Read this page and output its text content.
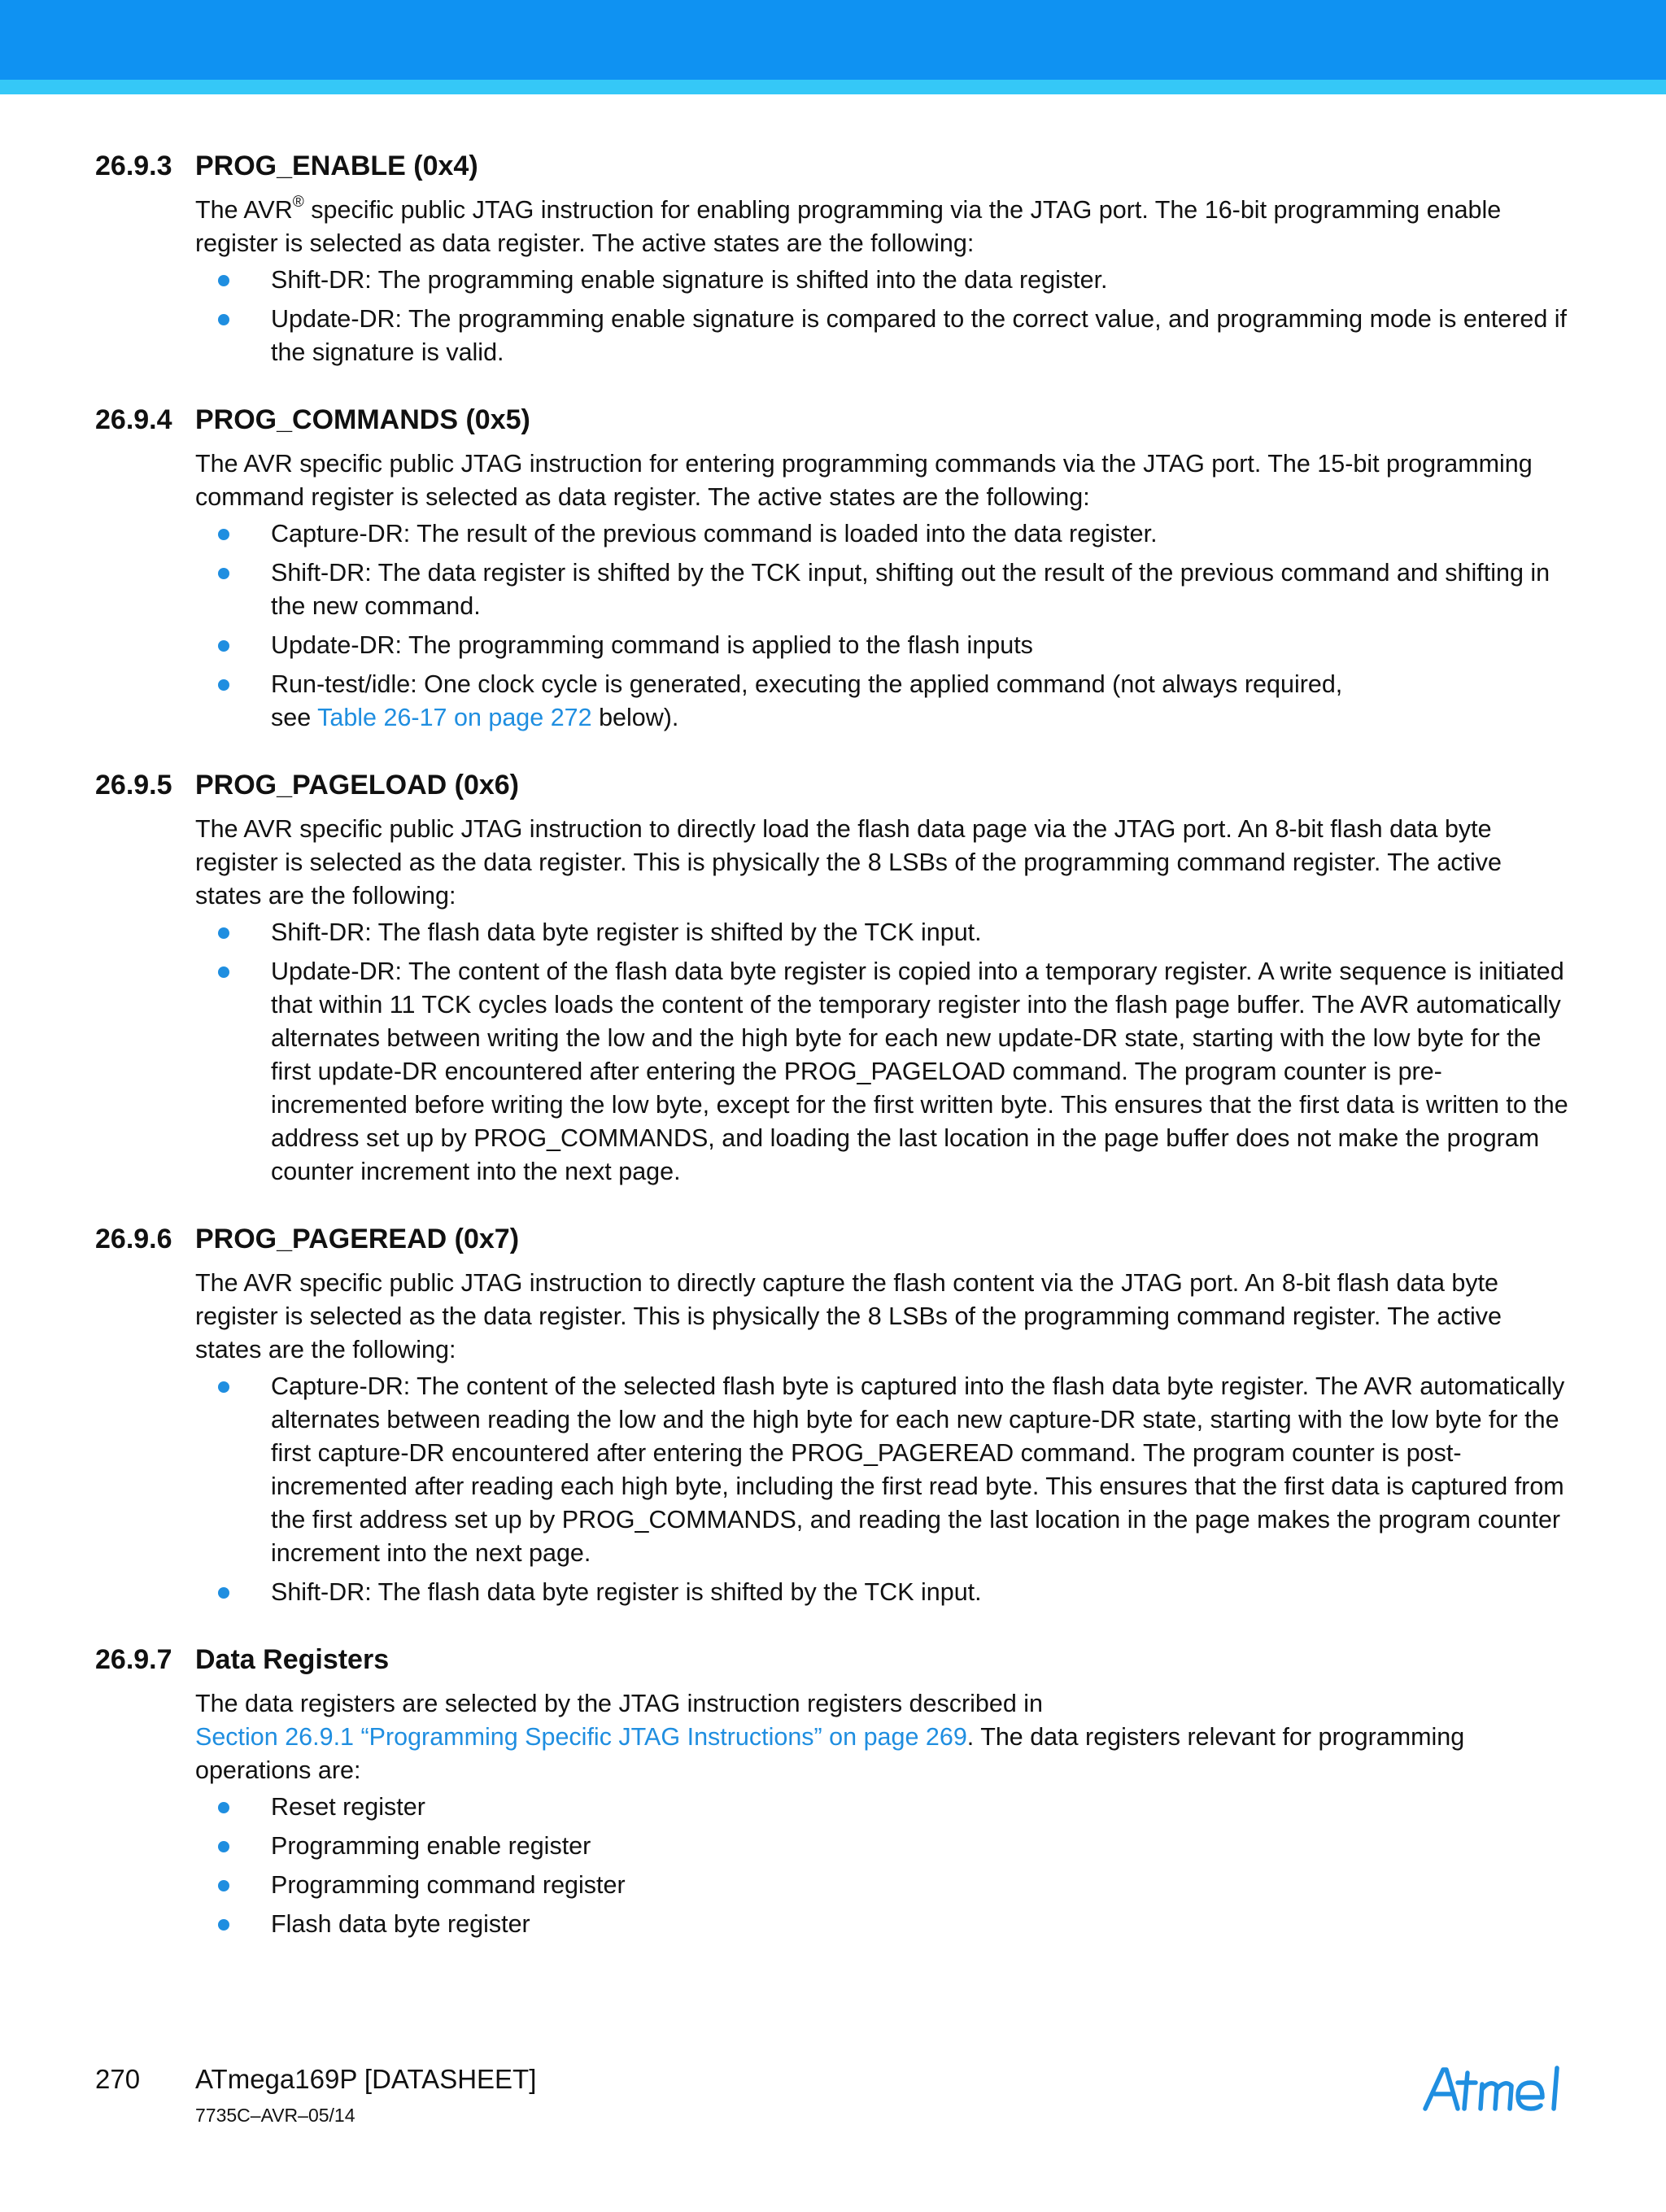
26.9.3 PROG_ENABLE (0x4)
The AVR® specific public JTAG instruction for enabling programming via the JTAG port. The 16-bit programming enable register is selected as data register. The active states are the following:
Shift-DR: The programming enable signature is shifted into the data register.
Update-DR: The programming enable signature is compared to the correct value, and programming mode is entered if the signature is valid.
26.9.4 PROG_COMMANDS (0x5)
The AVR specific public JTAG instruction for entering programming commands via the JTAG port. The 15-bit programming command register is selected as data register. The active states are the following:
Capture-DR: The result of the previous command is loaded into the data register.
Shift-DR: The data register is shifted by the TCK input, shifting out the result of the previous command and shifting in the new command.
Update-DR: The programming command is applied to the flash inputs
Run-test/idle: One clock cycle is generated, executing the applied command (not always required,
see Table 26-17 on page 272 below).
26.9.5 PROG_PAGELOAD (0x6)
The AVR specific public JTAG instruction to directly load the flash data page via the JTAG port. An 8-bit flash data byte register is selected as the data register. This is physically the 8 LSBs of the programming command register. The active states are the following:
Shift-DR: The flash data byte register is shifted by the TCK input.
Update-DR: The content of the flash data byte register is copied into a temporary register. A write sequence is initiated that within 11 TCK cycles loads the content of the temporary register into the flash page buffer. The AVR automatically alternates between writing the low and the high byte for each new update-DR state, starting with the low byte for the first update-DR encountered after entering the PROG_PAGELOAD command. The program counter is pre-incremented before writing the low byte, except for the first written byte. This ensures that the first data is written to the address set up by PROG_COMMANDS, and loading the last location in the page buffer does not make the program counter increment into the next page.
26.9.6 PROG_PAGEREAD (0x7)
The AVR specific public JTAG instruction to directly capture the flash content via the JTAG port. An 8-bit flash data byte register is selected as the data register. This is physically the 8 LSBs of the programming command register. The active states are the following:
Capture-DR: The content of the selected flash byte is captured into the flash data byte register. The AVR automatically alternates between reading the low and the high byte for each new capture-DR state, starting with the low byte for the first capture-DR encountered after entering the PROG_PAGEREAD command. The program counter is post-incremented after reading each high byte, including the first read byte. This ensures that the first data is captured from the first address set up by PROG_COMMANDS, and reading the last location in the page makes the program counter increment into the next page.
Shift-DR: The flash data byte register is shifted by the TCK input.
26.9.7 Data Registers
The data registers are selected by the JTAG instruction registers described in
Section 26.9.1 “Programming Specific JTAG Instructions” on page 269. The data registers relevant for programming operations are:
Reset register
Programming enable register
Programming command register
Flash data byte register
270 ATmega169P [DATASHEET]
7735C–AVR–05/14
